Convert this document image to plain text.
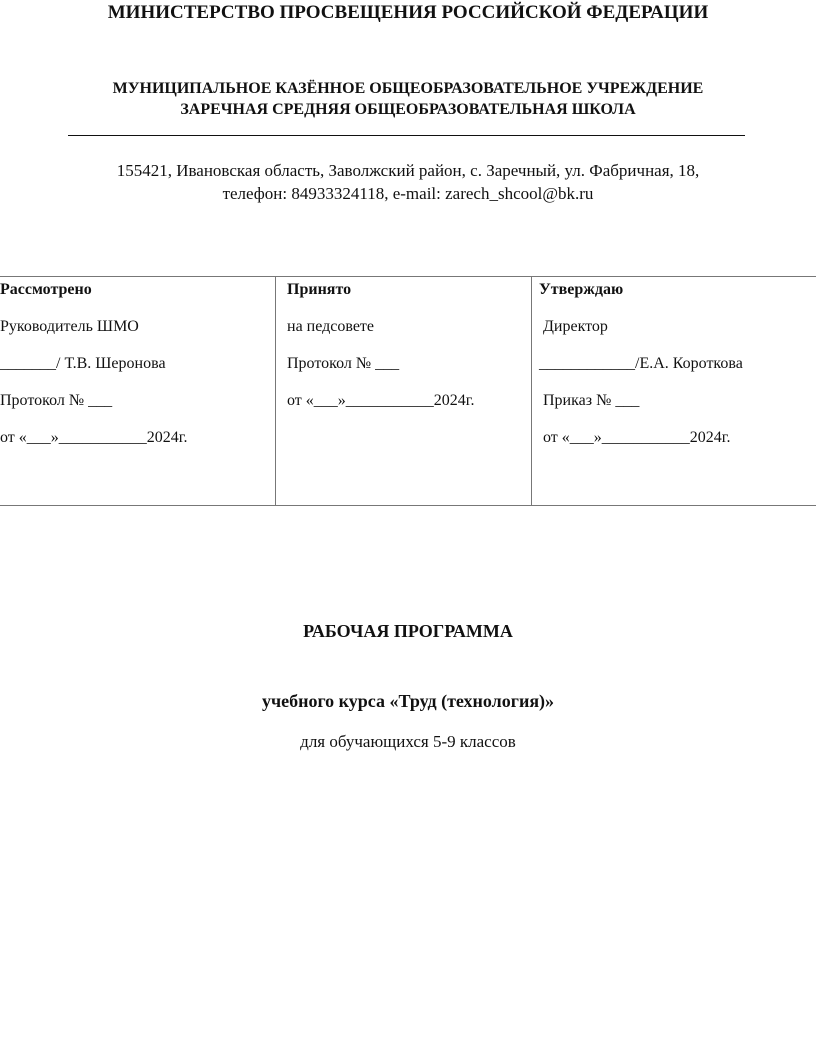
МИНИСТЕРСТВО ПРОСВЕЩЕНИЯ РОССИЙСКОЙ ФЕДЕРАЦИИ
МУНИЦИПАЛЬНОЕ КАЗЁННОЕ ОБЩЕОБРАЗОВАТЕЛЬНОЕ УЧРЕЖДЕНИЕ
ЗАРЕЧНАЯ СРЕДНЯЯ ОБЩЕОБРАЗОВАТЕЛЬНАЯ ШКОЛА
155421, Ивановская область, Заволжский район, с. Заречный, ул. Фабричная, 18,
телефон: 84933324118, e-mail: zarech_shcool@bk.ru
Рассмотрено
Руководитель ШМО
_______/ Т.В. Шеронова
Протокол № ___
от «___»___________2024г.
Принято
на педсовете
Протокол № ___
от «___»___________2024г.
Утверждаю
Директор
____________/Е.А. Короткова
Приказ № ___
от «___»___________2024г.
РАБОЧАЯ ПРОГРАММА
учебного курса «Труд (технология)»
для обучающихся 5-9 классов
